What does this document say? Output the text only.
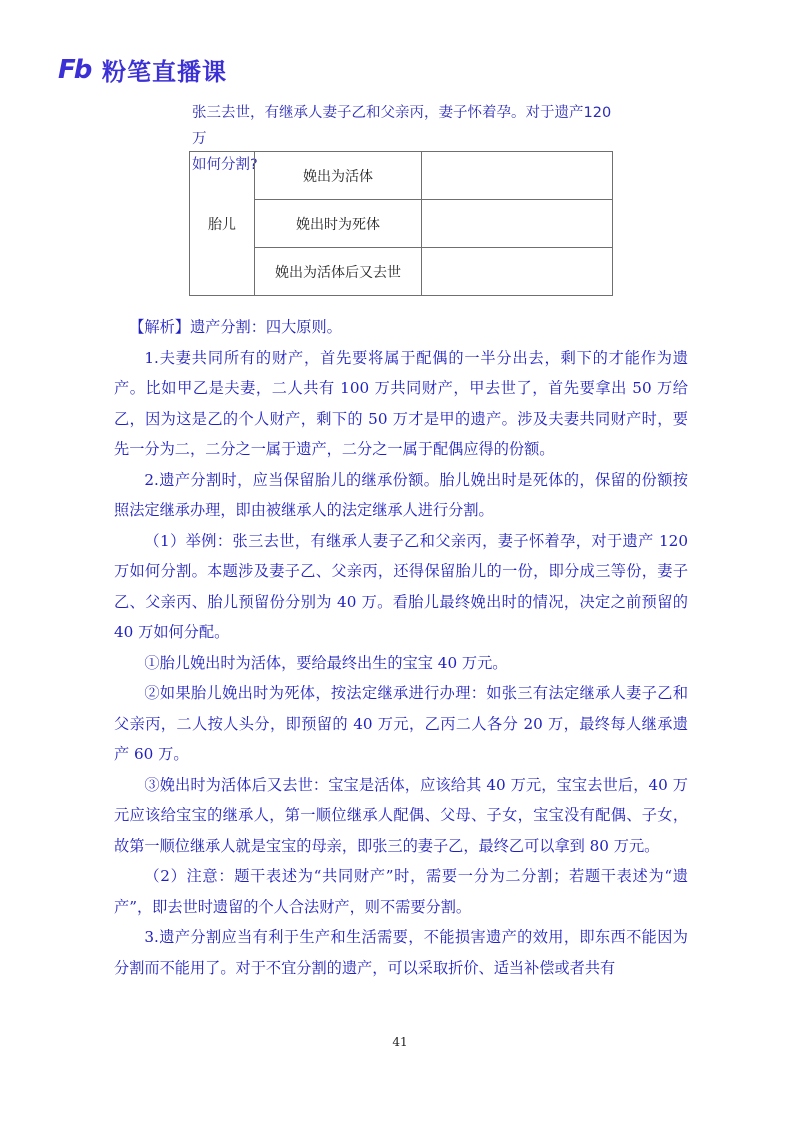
Fb 粉笔直播课
张三去世，有继承人妻子乙和父亲丙，妻子怀着孕。对于遗产120万
如何分割?
胎儿	娩出为活体	
	娩出时为死体	
	娩出为活体后又去世	

【解析】遗产分割：四大原则。

1.夫妻共同所有的财产，首先要将属于配偶的一半分出去，剩下的才能作为遗产。比如甲乙是夫妻，二人共有 100 万共同财产，甲去世了，首先要拿出 50 万给乙，因为这是乙的个人财产，剩下的 50 万才是甲的遗产。涉及夫妻共同财产时，要先一分为二，二分之一属于遗产，二分之一属于配偶应得的份额。

2.遗产分割时，应当保留胎儿的继承份额。胎儿娩出时是死体的，保留的份额按照法定继承办理，即由被继承人的法定继承人进行分割。

（1）举例：张三去世，有继承人妻子乙和父亲丙，妻子怀着孕，对于遗产 120 万如何分割。本题涉及妻子乙、父亲丙，还得保留胎儿的一份，即分成三等份，妻子乙、父亲丙、胎儿预留份分别为 40 万。看胎儿最终娩出时的情况，决定之前预留的 40 万如何分配。

①胎儿娩出时为活体，要给最终出生的宝宝 40 万元。

②如果胎儿娩出时为死体，按法定继承进行办理：如张三有法定继承人妻子乙和父亲丙，二人按人头分，即预留的 40 万元，乙丙二人各分 20 万，最终每人继承遗产 60 万。

③娩出时为活体后又去世：宝宝是活体，应该给其 40 万元，宝宝去世后，40 万元应该给宝宝的继承人，第一顺位继承人配偶、父母、子女，宝宝没有配偶、子女，故第一顺位继承人就是宝宝的母亲，即张三的妻子乙，最终乙可以拿到 80 万元。

（2）注意：题干表述为“共同财产”时，需要一分为二分割；若题干表述为“遗产”，即去世时遗留的个人合法财产，则不需要分割。

3.遗产分割应当有利于生产和生活需要，不能损害遗产的效用，即东西不能因为分割而不能用了。对于不宜分割的遗产，可以采取折价、适当补偿或者共有

41
